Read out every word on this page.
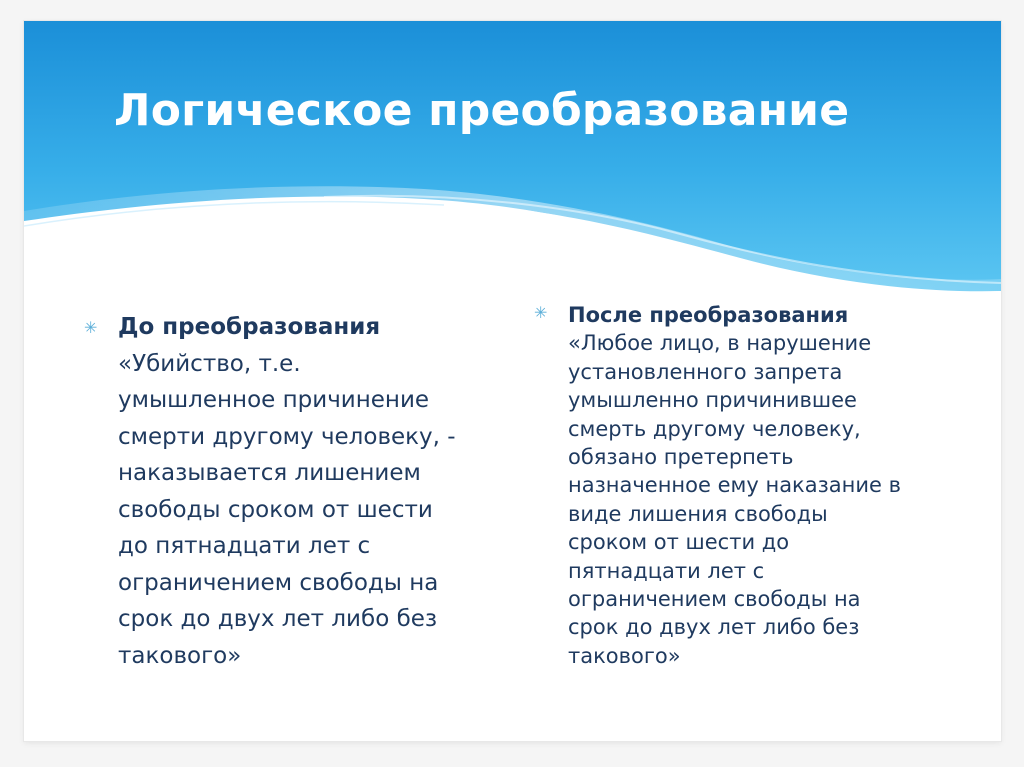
Логическое преобразование
✳ До преобразования
«Убийство, т.е.
умышленное причинение
смерти другому человеку, -
наказывается лишением
свободы сроком от шести
до пятнадцати лет с
ограничением свободы на
срок до двух лет либо без
такового»
✳ После преобразования
«Любое лицо, в нарушение
установленного запрета
умышленно причинившее
смерть другому человеку,
обязано претерпеть
назначенное ему наказание в
виде лишения свободы
сроком от шести до
пятнадцати лет с
ограничением свободы на
срок до двух лет либо без
такового»
